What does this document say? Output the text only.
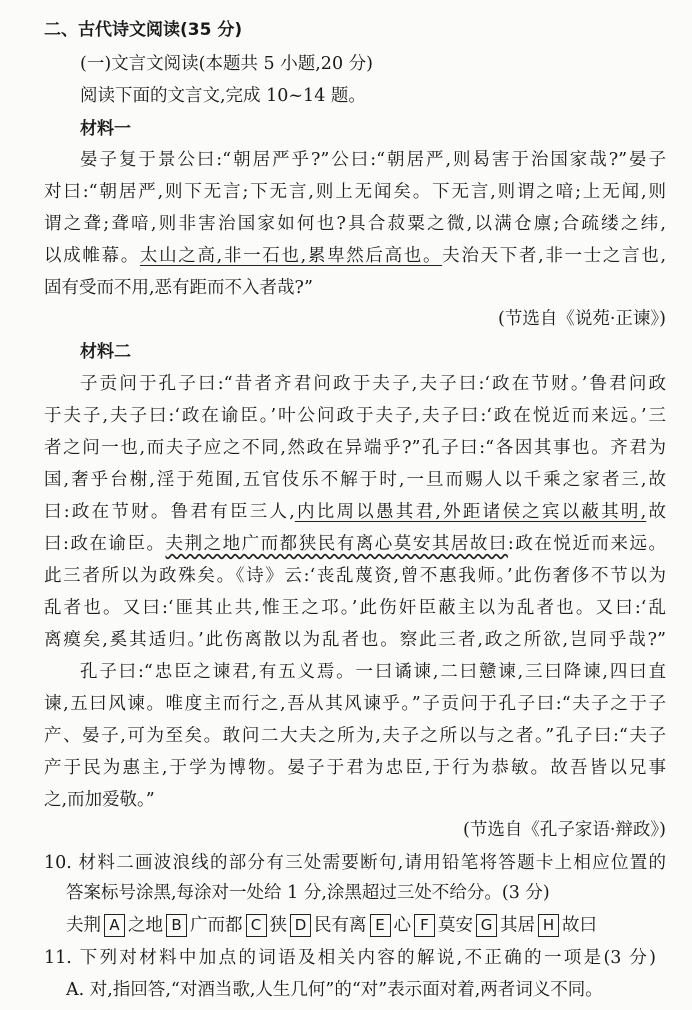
二、古代诗文阅读(35 分)
(一)文言文阅读(本题共 5 小题,20 分)
阅读下面的文言文,完成 10~14 题。
材料一
晏子复于景公曰:“朝居严乎?”公曰:“朝居严,则曷害于治国家哉?”晏子
对曰:“朝居严,则下无言;下无言,则上无闻矣。下无言,则谓之喑;上无闻,则
谓之聋;聋喑,则非害治国家如何也?具合菽粟之微,以满仓廪;合疏缕之纬,
以成帷幕。太山之高,非一石也,累卑然后高也。夫治天下者,非一士之言也,
固有受而不用,恶有距而不入者哉?”
(节选自《说苑·正谏》)
材料二
子贡问于孔子曰:“昔者齐君问政于夫子,夫子曰:‘政在节财。’鲁君问政
于夫子,夫子曰:‘政在谕臣。’叶公问政于夫子,夫子曰:‘政在悦近而来远。’三
者之问一也,而夫子应之不同,然政在异端乎?”孔子曰:“各因其事也。齐君为
国,奢乎台榭,淫于苑囿,五官伎乐不解于时,一旦而赐人以千乘之家者三,故
曰:政在节财。鲁君有臣三人,内比周以愚其君,外距诸侯之宾以蔽其明,故
曰:政在谕臣。夫荆之地广而都狭民有离心莫安其居故曰:政在悦近而来远。
此三者所以为政殊矣。《诗》云:‘丧乱蔑资,曾不惠我师。’此伤奢侈不节以为
乱者也。又曰:‘匪其止共,惟王之邛。’此伤奸臣蔽主以为乱者也。又曰:‘乱
离瘼矣,奚其适归。’此伤离散以为乱者也。察此三者,政之所欲,岂同乎哉?”
孔子曰:“忠臣之谏君,有五义焉。一曰谲谏,二曰戆谏,三曰降谏,四曰直
谏,五曰风谏。唯度主而行之,吾从其风谏乎。”子贡问于孔子曰:“夫子之于子
产、晏子,可为至矣。敢问二大夫之所为,夫子之所以与之者。”孔子曰:“夫子
产于民为惠主,于学为博物。晏子于君为忠臣,于行为恭敏。故吾皆以兄事
之,而加爱敬。”
(节选自《孔子家语·辩政》)
10. 材料二画波浪线的部分有三处需要断句,请用铅笔将答题卡上相应位置的
答案标号涂黑,每涂对一处给 1 分,涂黑超过三处不给分。(3 分)
夫荆 A 之地 B 广而都 C 狭 D 民有离 E 心 F 莫安 G 其居 H 故曰
11. 下列对材料中加点的词语及相关内容的解说,不正确的一项是(3 分)
A. 对,指回答,“对酒当歌,人生几何”的“对”表示面对着,两者词义不同。
